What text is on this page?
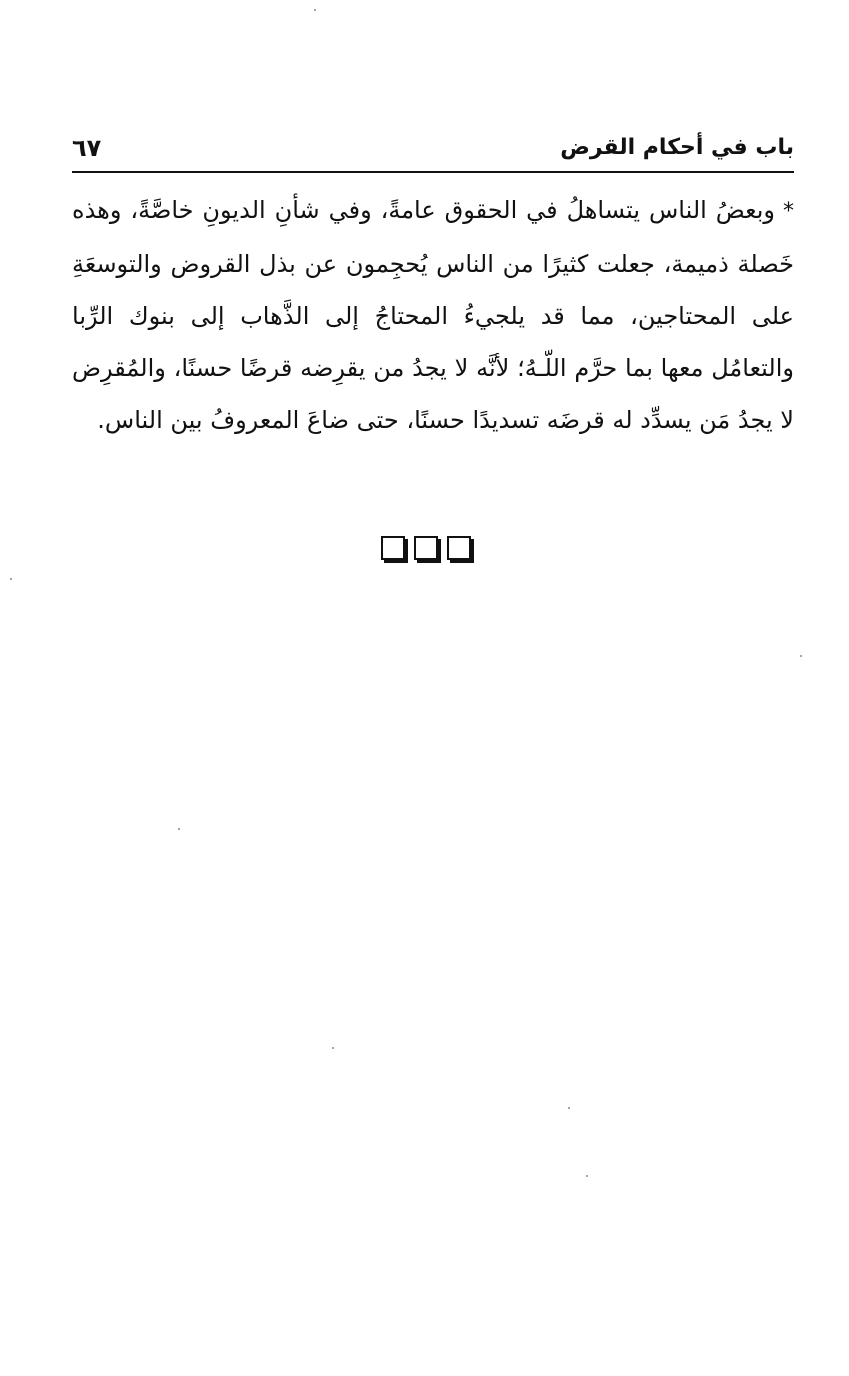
باب في أحكام القرض
٦٧

*وبعضُ الناس يتساهلُ في الحقوق عامةً، وفي شأنِ الديونِ خاصَّةً، وهذه خَصلة ذميمة، جعلت كثيرًا من الناس يُحجِمون عن بذل القروض والتوسعَةِ على المحتاجين، مما قد يلجيءُ المحتاجُ إلى الذَّهاب إلى بنوك الرِّبا والتعامُل معها بما حرَّم اللّـهُ؛ لأنَّه لا يجدُ من يقرِضه قرضًا حسنًا، والمُقرِض لا يجدُ مَن يسدِّد له قرضَه تسديدًا حسنًا، حتى ضاعَ المعروفُ بين الناس.
